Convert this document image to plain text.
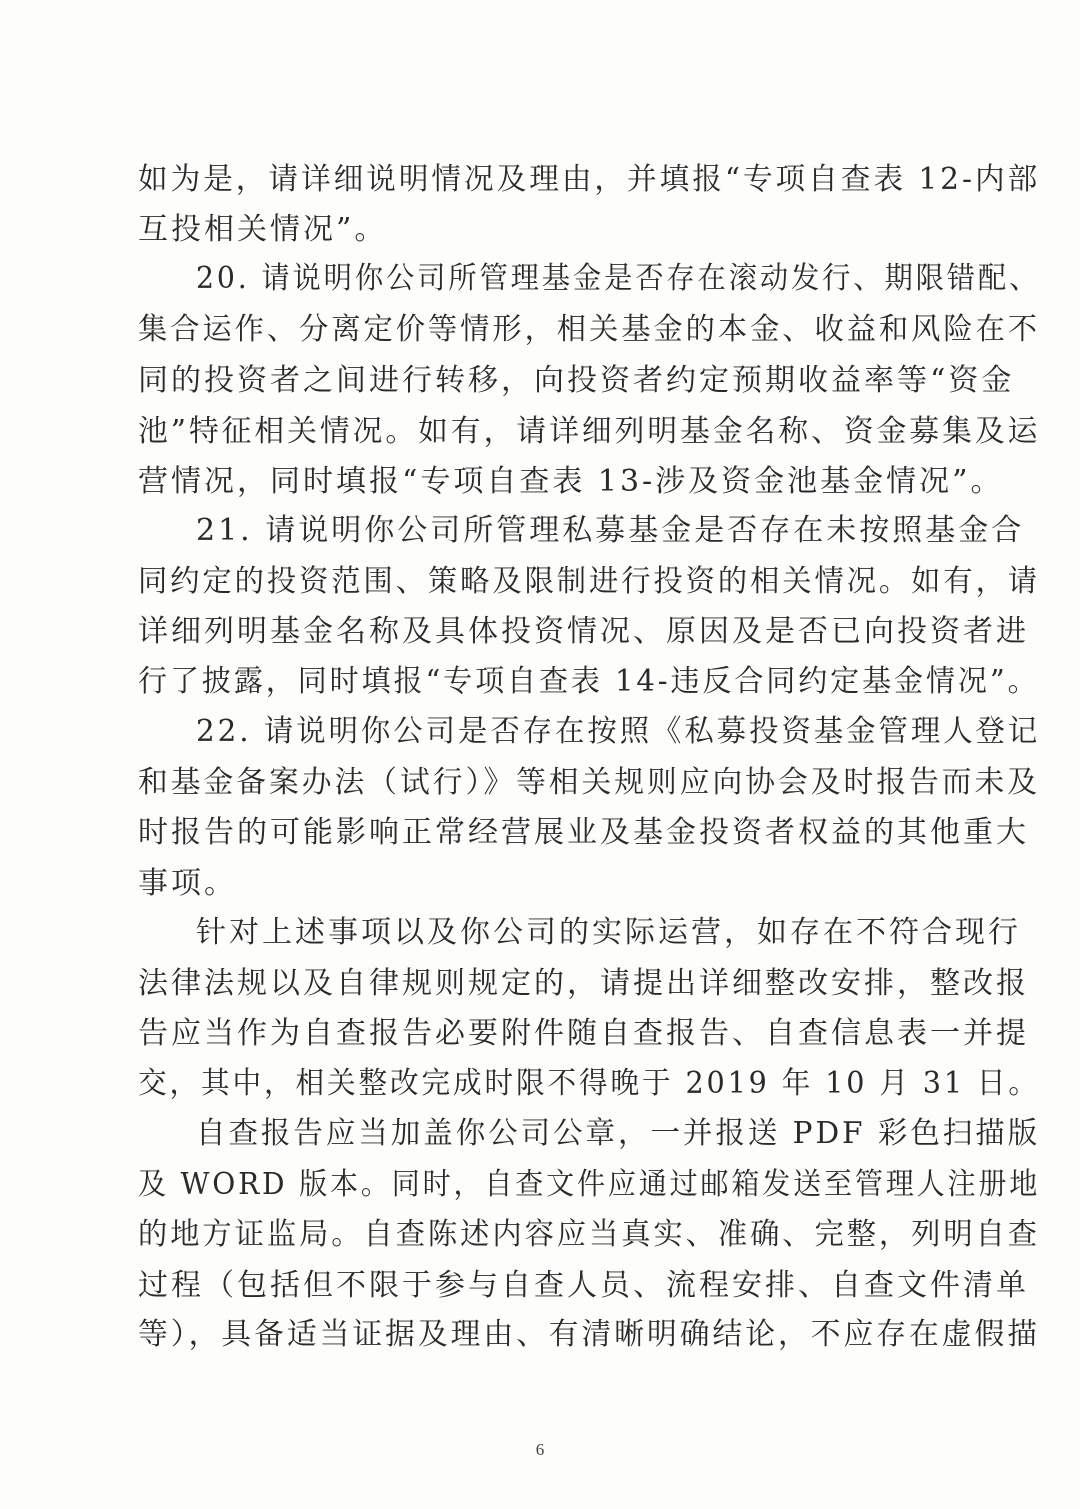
如为是，请详细说明情况及理由，并填报“专项自查表 12-内部
互投相关情况”。
20. 请说明你公司所管理基金是否存在滚动发行、期限错配、
集合运作、分离定价等情形，相关基金的本金、收益和风险在不
同的投资者之间进行转移，向投资者约定预期收益率等“资金
池”特征相关情况。如有，请详细列明基金名称、资金募集及运
营情况，同时填报“专项自查表 13-涉及资金池基金情况”。
21. 请说明你公司所管理私募基金是否存在未按照基金合
同约定的投资范围、策略及限制进行投资的相关情况。如有，请
详细列明基金名称及具体投资情况、原因及是否已向投资者进
行了披露，同时填报“专项自查表 14-违反合同约定基金情况”。
22. 请说明你公司是否存在按照《私募投资基金管理人登记
和基金备案办法（试行）》等相关规则应向协会及时报告而未及
时报告的可能影响正常经营展业及基金投资者权益的其他重大
事项。
针对上述事项以及你公司的实际运营，如存在不符合现行
法律法规以及自律规则规定的，请提出详细整改安排，整改报
告应当作为自查报告必要附件随自查报告、自查信息表一并提
交，其中，相关整改完成时限不得晚于 2019 年 10 月 31 日。
自查报告应当加盖你公司公章，一并报送 PDF 彩色扫描版
及 WORD 版本。同时，自查文件应通过邮箱发送至管理人注册地
的地方证监局。自查陈述内容应当真实、准确、完整，列明自查
过程（包括但不限于参与自查人员、流程安排、自查文件清单
等），具备适当证据及理由、有清晰明确结论，不应存在虚假描
6
